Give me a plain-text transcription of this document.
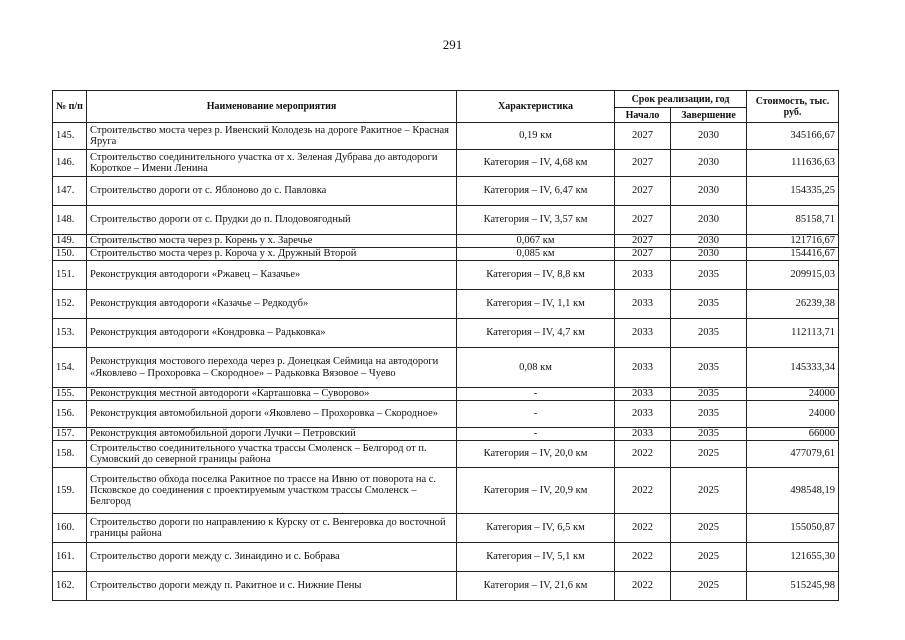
291
№ п/п	Наименование мероприятия	Характеристика	Срок реализации, год		Стоимость, тыс. руб.
			Начало	Завершение	
145.	Строительство моста через р. Ивенский Колодезь на дороге Ракитное – Красная Яруга	0,19 км	2027	2030	345166,67
146.	Строительство соединительного участка от х. Зеленая Дубрава до автодороги Короткое – Имени Ленина	Категория – IV, 4,68 км	2027	2030	111636,63
147.	Строительство дороги от с. Яблоново до с. Павловка	Категория – IV, 6,47 км	2027	2030	154335,25
148.	Строительство дороги от с. Прудки до п. Плодовоягодный	Категория – IV, 3,57 км	2027	2030	85158,71
149.	Строительство моста через р. Корень у х. Заречье	0,067 км	2027	2030	121716,67
150.	Строительство моста через р. Короча у х. Дружный Второй	0,085 км	2027	2030	154416,67
151.	Реконструкция автодороги «Ржавец – Казачье»	Категория – IV, 8,8 км	2033	2035	209915,03
152.	Реконструкция автодороги «Казачье – Редкодуб»	Категория – IV, 1,1 км	2033	2035	26239,38
153.	Реконструкция автодороги «Кондровка – Радьковка»	Категория – IV, 4,7 км	2033	2035	112113,71
154.	Реконструкция мостового перехода через р. Донецкая Сеймица на автодороги «Яковлево – Прохоровка – Скородное» – Радьковка Вязовое – Чуево	0,08 км	2033	2035	145333,34
155.	Реконструкция местной автодороги «Карташовка – Суворово»	-	2033	2035	24000
156.	Реконструкция автомобильной дороги «Яковлево – Прохоровка – Скородное»	-	2033	2035	24000
157.	Реконструкция автомобильной дороги Лучки – Петровский	-	2033	2035	66000
158.	Строительство соединительного участка трассы Смоленск – Белгород от п. Сумовский до северной границы района	Категория – IV, 20,0 км	2022	2025	477079,61
159.	Строительство обхода поселка Ракитное по трассе на Ивню от поворота на с. Псковское до соединения с проектируемым участком трассы Смоленск – Белгород	Категория – IV, 20,9 км	2022	2025	498548,19
160.	Строительство дороги по направлению к Курску от с. Венгеровка до восточной границы района	Категория – IV, 6,5 км	2022	2025	155050,87
161.	Строительство дороги между с. Зинаидино и с. Бобрава	Категория – IV, 5,1 км	2022	2025	121655,30
162.	Строительство дороги между п. Ракитное и с. Нижние Пены	Категория – IV, 21,6 км	2022	2025	515245,98
